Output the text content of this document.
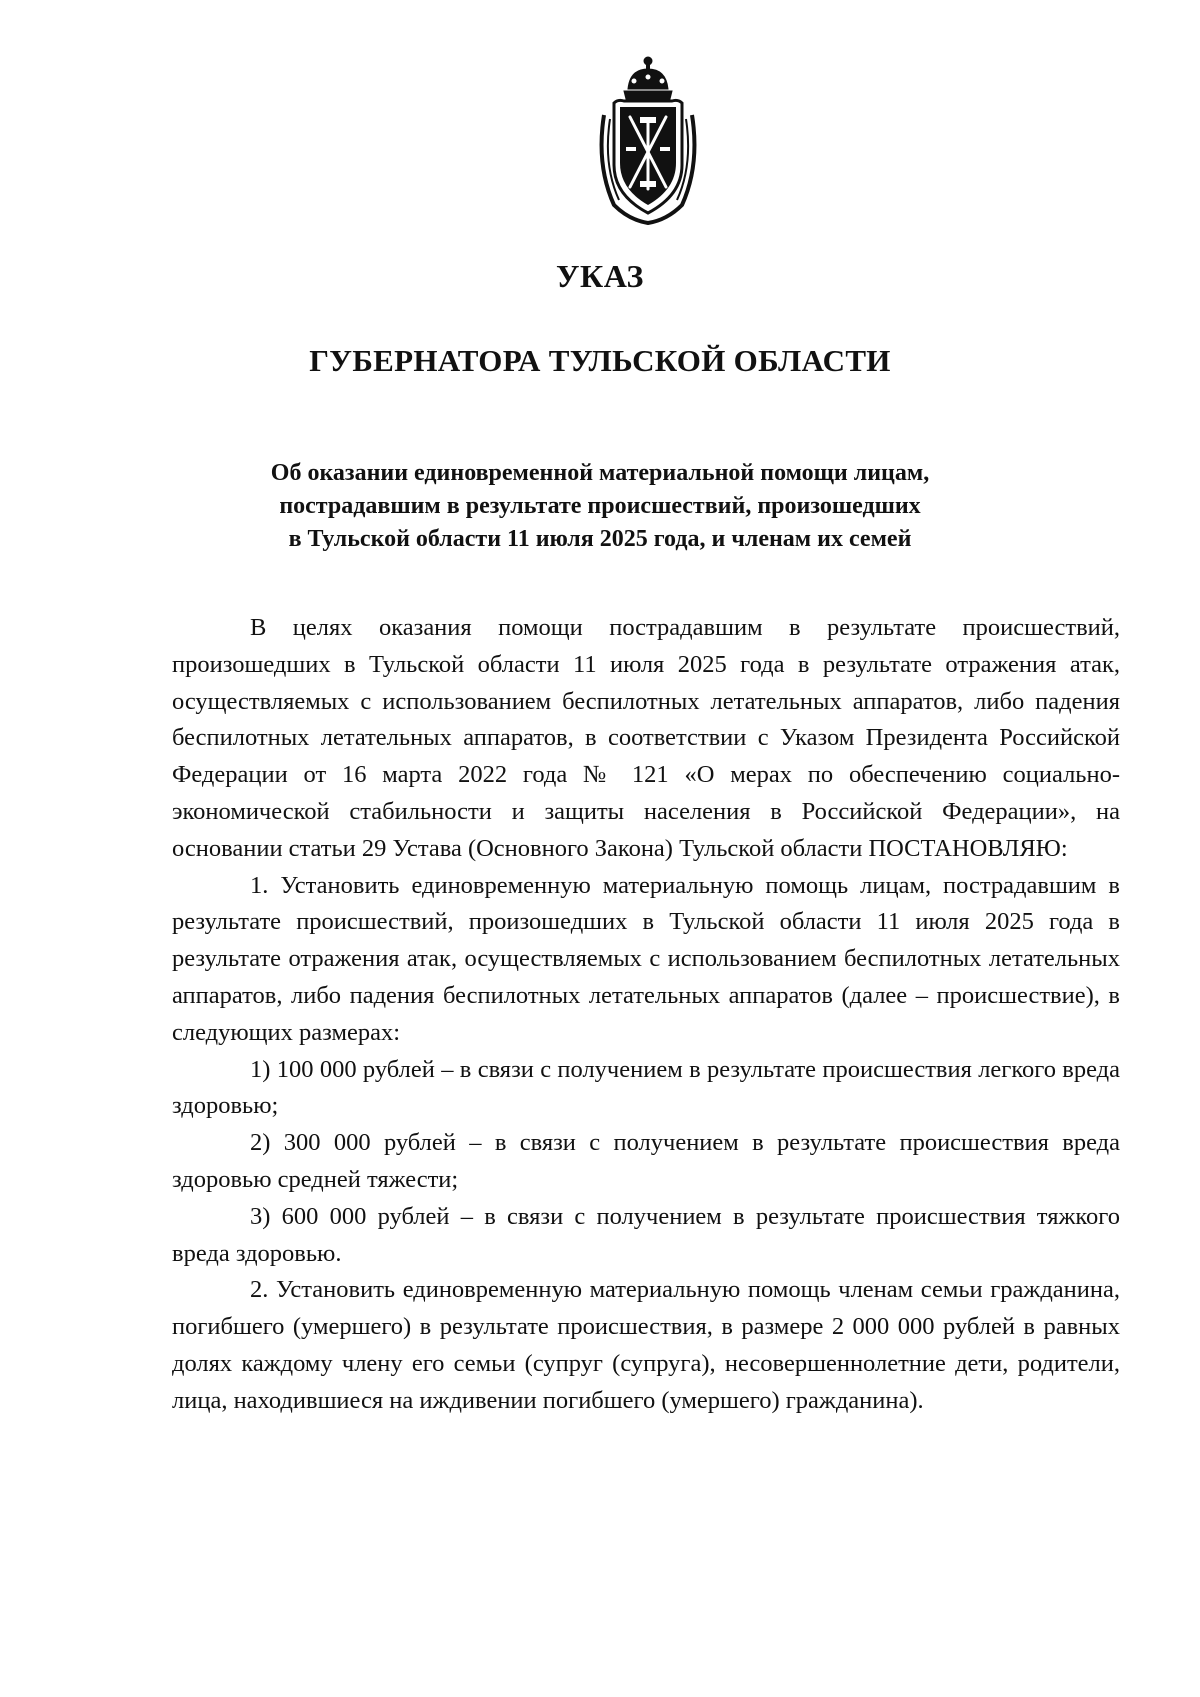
УКАЗ
ГУБЕРНАТОРА ТУЛЬСКОЙ ОБЛАСТИ
Об оказании единовременной материальной помощи лицам,
пострадавшим в результате происшествий, произошедших
в Тульской области 11 июля 2025 года, и членам их семей

В целях оказания помощи пострадавшим в результате происшествий, произошедших в Тульской области 11 июля 2025 года в результате отражения атак, осуществляемых с использованием беспилотных летательных аппаратов, либо падения беспилотных летательных аппаратов, в соответствии с Указом Президента Российской Федерации от 16 марта 2022 года № 121 «О мерах по обеспечению социально-экономической стабильности и защиты населения в Российской Федерации», на основании статьи 29 Устава (Основного Закона) Тульской области ПОСТАНОВЛЯЮ:

1. Установить единовременную материальную помощь лицам, пострадавшим в результате происшествий, произошедших в Тульской области 11 июля 2025 года в результате отражения атак, осуществляемых с использованием беспилотных летательных аппаратов, либо падения беспилотных летательных аппаратов (далее – происшествие), в следующих размерах:

1) 100 000 рублей – в связи с получением в результате происшествия легкого вреда здоровью;

2) 300 000 рублей – в связи с получением в результате происшествия вреда здоровью средней тяжести;

3) 600 000 рублей – в связи с получением в результате происшествия тяжкого вреда здоровью.

2. Установить единовременную материальную помощь членам семьи гражданина, погибшего (умершего) в результате происшествия, в размере 2 000 000 рублей в равных долях каждому члену его семьи (супруг (супруга), несовершеннолетние дети, родители, лица, находившиеся на иждивении погибшего (умершего) гражданина).
